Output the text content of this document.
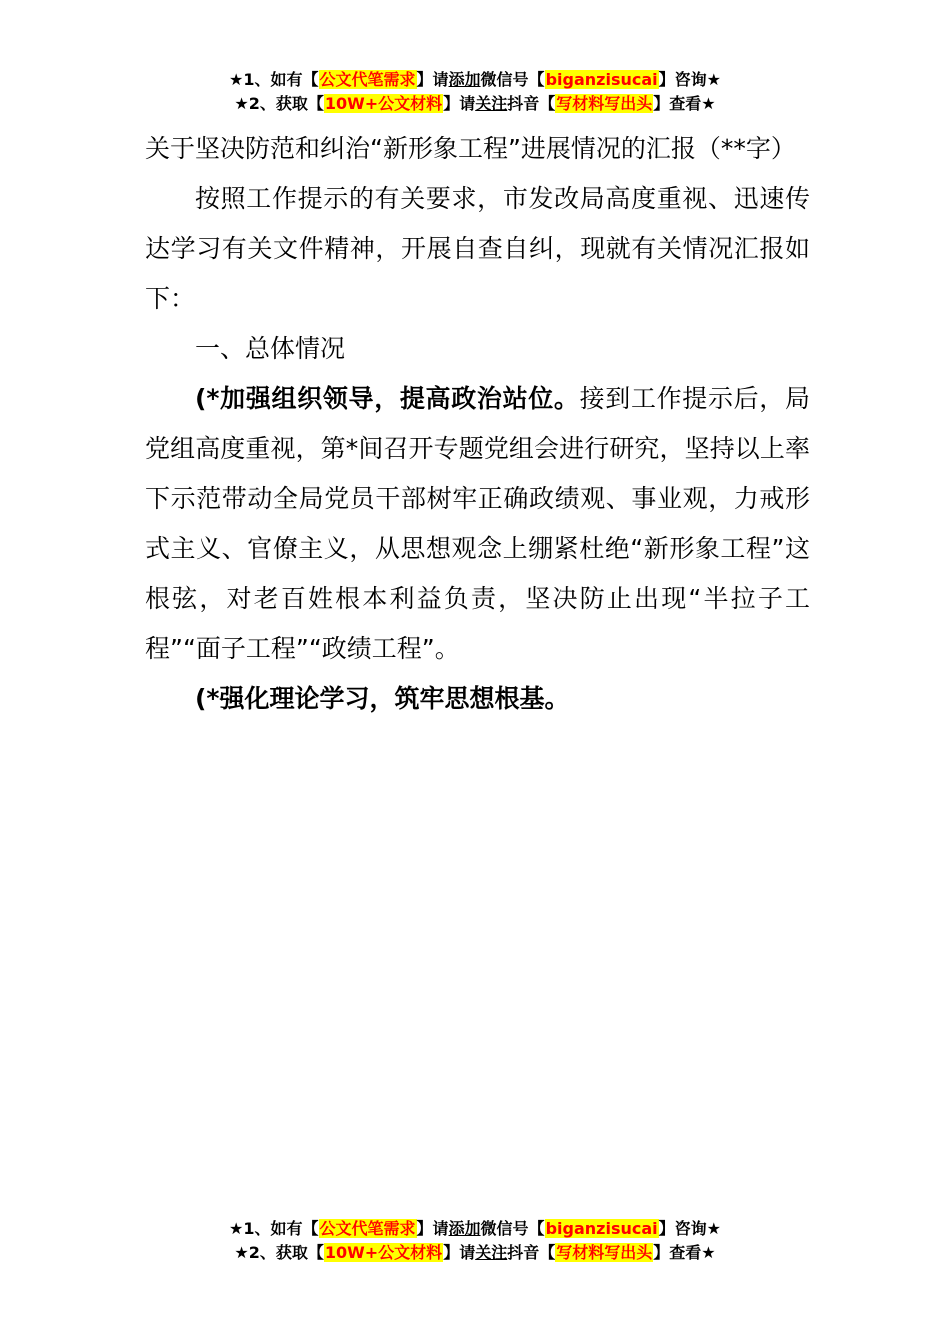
★1、如有【公文代笔需求】请添加微信号【biganzisucai】咨询★
★2、获取【10W+公文材料】请关注抖音【写材料写出头】查看★

关于坚决防范和纠治“新形象工程”进展情况的汇报（**字）

按照工作提示的有关要求，市发改局高度重视、迅速传达学习有关文件精神，开展自查自纠，现就有关情况汇报如下：

一、总体情况

(*加强组织领导，提高政治站位。接到工作提示后，局党组高度重视，第*间召开专题党组会进行研究，坚持以上率下示范带动全局党员干部树牢正确政绩观、事业观，力戒形式主义、官僚主义，从思想观念上绷紧杜绝“新形象工程”这根弦，对老百姓根本利益负责，坚决防止出现“半拉子工程”“面子工程”“政绩工程”。

(*强化理论学习，筑牢思想根基。

★1、如有【公文代笔需求】请添加微信号【biganzisucai】咨询★
★2、获取【10W+公文材料】请关注抖音【写材料写出头】查看★
